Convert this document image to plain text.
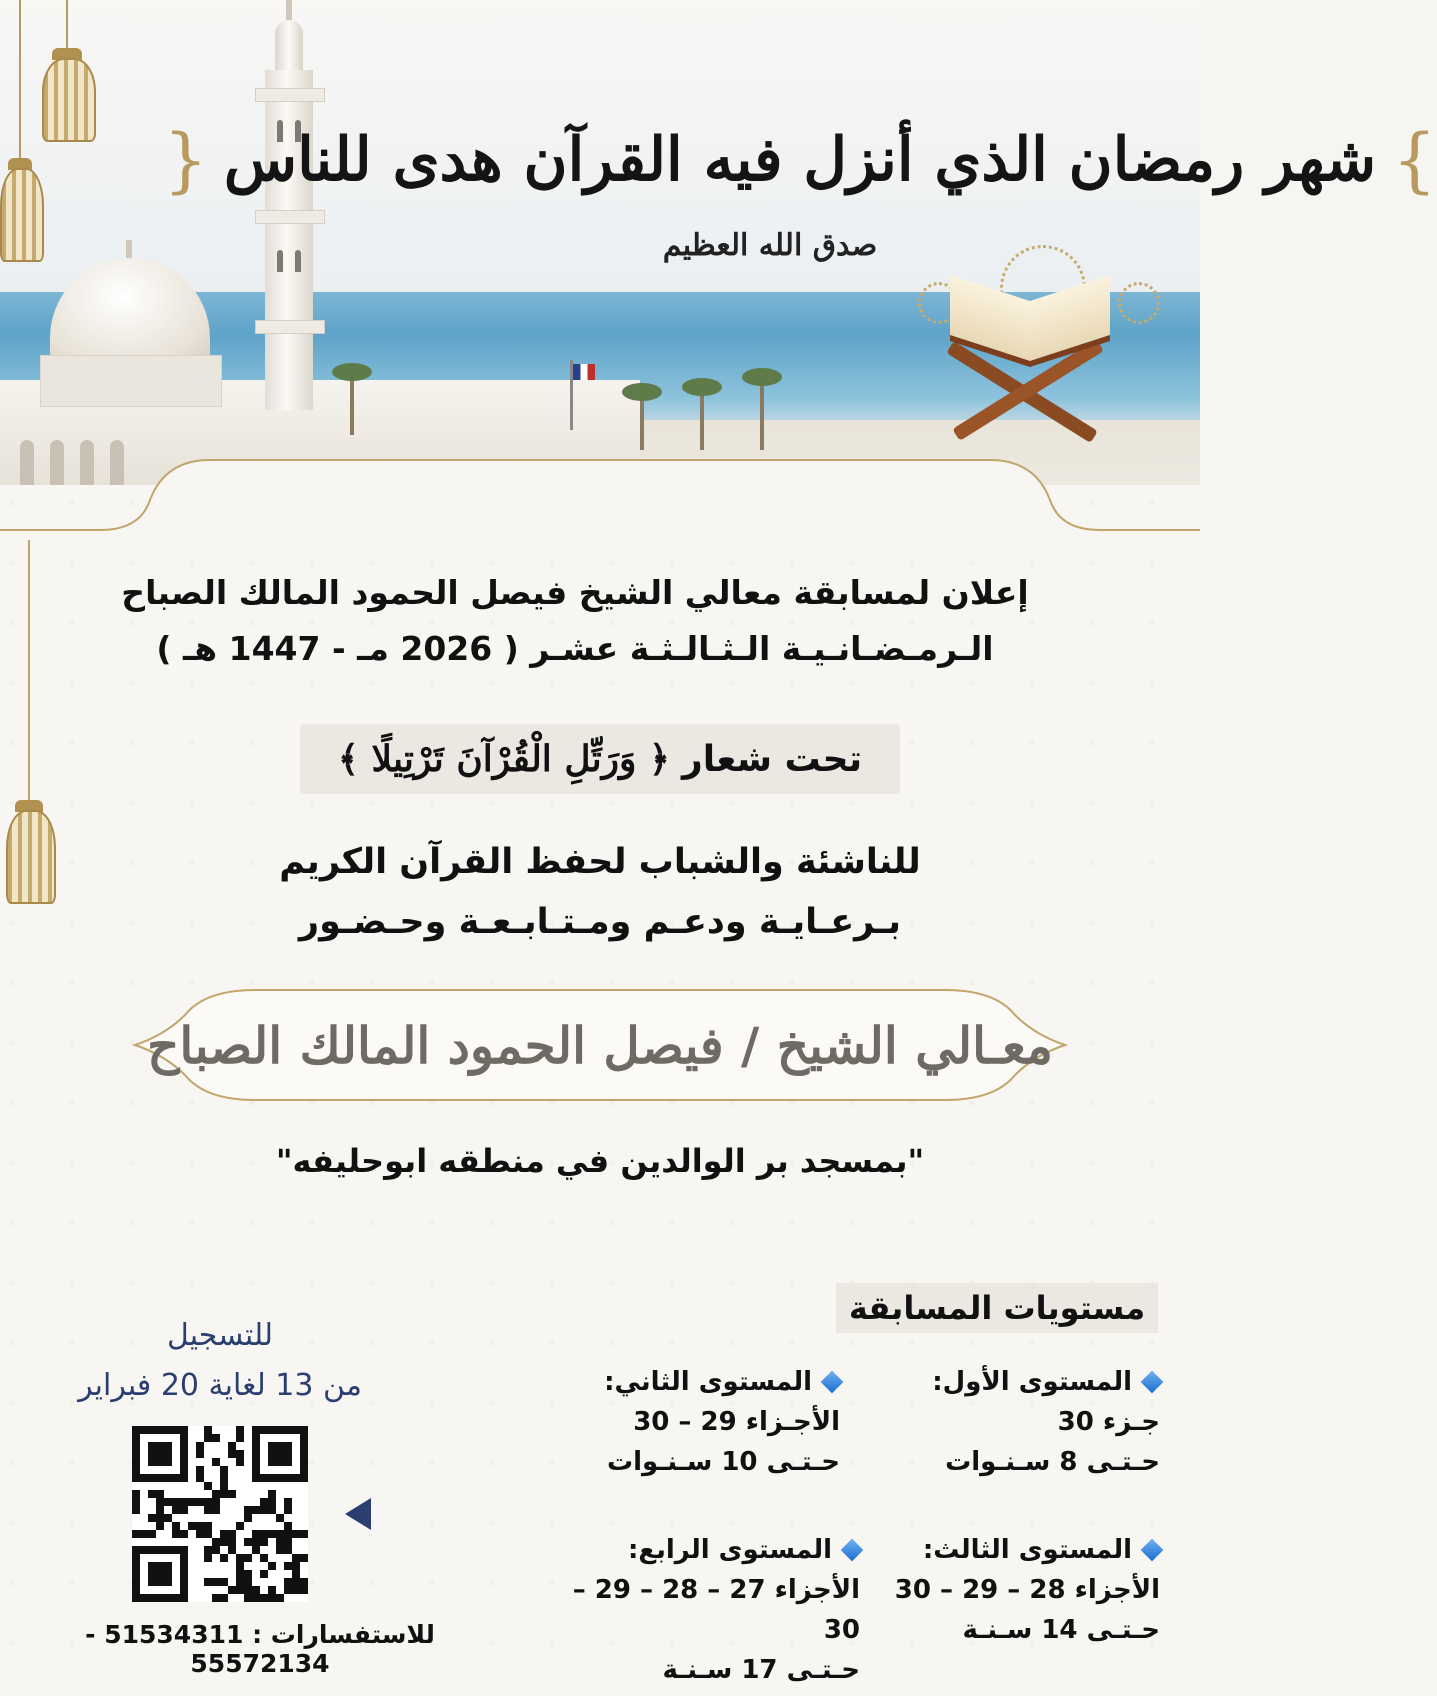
} شهر رمضان الذي أنزل فيه القرآن هدى للناس {
صدق الله العظيم
إعلان لمسابقة معالي الشيخ فيصل الحمود المالك الصباح
الـرمـضـانـيـة الـثـالـثـة عشـر ( 2026 مـ - 1447 هـ )
تحت شعار
﴿ وَرَتِّلِ الْقُرْآنَ تَرْتِيلًا ﴾
للناشئة والشباب لحفظ القرآن الكريم
بـرعـايـة ودعـم ومـتـابـعـة وحـضـور
معـالي الشيخ / فيصل الحمود المالك الصباح
"بمسجد بر الوالدين في منطقه ابوحليفه"
مستويات المسابقة
المستوى الأول:
جـزء 30
حـتـى 8 سـنـوات
المستوى الثاني:
الأجـزاء 29 – 30
حـتـى 10 سـنـوات
المستوى الثالث:
الأجزاء 28 – 29 – 30
حـتـى 14 سـنـة
المستوى الرابع:
الأجزاء 27 – 28 – 29 – 30
حـتـى 17 سـنـة
للتسجيل
من 13 لغاية 20 فبراير
للاستفسارات : 51534311 - 55572134
